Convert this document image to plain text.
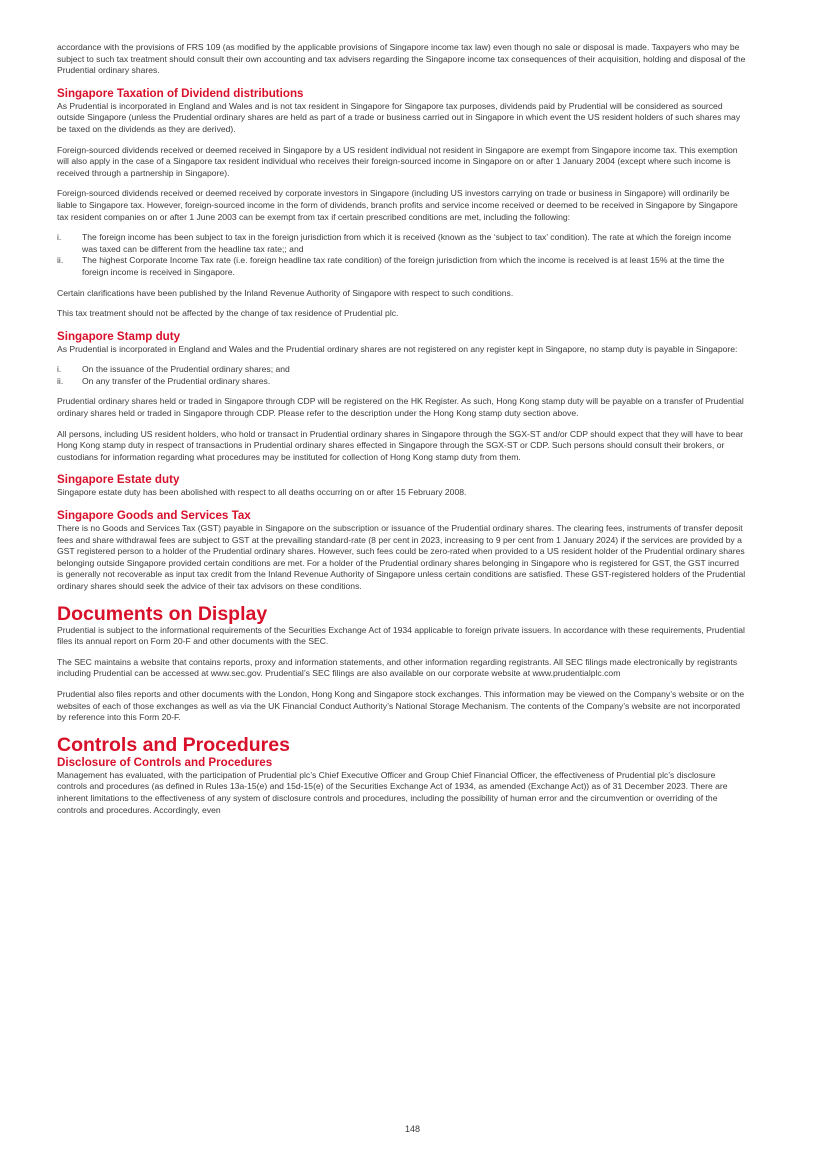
accordance with the provisions of FRS 109 (as modified by the applicable provisions of Singapore income tax law) even though no sale or disposal is made. Taxpayers who may be subject to such tax treatment should consult their own accounting and tax advisers regarding the Singapore income tax consequences of their acquisition, holding and disposal of the Prudential ordinary shares.

Singapore Taxation of Dividend distributions

As Prudential is incorporated in England and Wales and is not tax resident in Singapore for Singapore tax purposes, dividends paid by Prudential will be considered as sourced outside Singapore (unless the Prudential ordinary shares are held as part of a trade or business carried out in Singapore in which event the US resident holders of such shares may be taxed on the dividends as they are derived).

Foreign-sourced dividends received or deemed received in Singapore by a US resident individual not resident in Singapore are exempt from Singapore income tax. This exemption will also apply in the case of a Singapore tax resident individual who receives their foreign-sourced income in Singapore on or after 1 January 2004 (except where such income is received through a partnership in Singapore).

Foreign-sourced dividends received or deemed received by corporate investors in Singapore (including US investors carrying on trade or business in Singapore) will ordinarily be liable to Singapore tax. However, foreign-sourced income in the form of dividends, branch profits and service income received or deemed to be received in Singapore by Singapore tax resident companies on or after 1 June 2003 can be exempt from tax if certain prescribed conditions are met, including the following:

i. The foreign income has been subject to tax in the foreign jurisdiction from which it is received (known as the ‘subject to tax’ condition). The rate at which the foreign income was taxed can be different from the headline tax rate;; and
ii. The highest Corporate Income Tax rate (i.e. foreign headline tax rate condition) of the foreign jurisdiction from which the income is received is at least 15% at the time the foreign income is received in Singapore.

Certain clarifications have been published by the Inland Revenue Authority of Singapore with respect to such conditions.

This tax treatment should not be affected by the change of tax residence of Prudential plc.

Singapore Stamp duty

As Prudential is incorporated in England and Wales and the Prudential ordinary shares are not registered on any register kept in Singapore, no stamp duty is payable in Singapore:

i. On the issuance of the Prudential ordinary shares; and
ii. On any transfer of the Prudential ordinary shares.

Prudential ordinary shares held or traded in Singapore through CDP will be registered on the HK Register. As such, Hong Kong stamp duty will be payable on a transfer of Prudential ordinary shares held or traded in Singapore through CDP. Please refer to the description under the Hong Kong stamp duty section above.

All persons, including US resident holders, who hold or transact in Prudential ordinary shares in Singapore through the SGX-ST and/or CDP should expect that they will have to bear Hong Kong stamp duty in respect of transactions in Prudential ordinary shares effected in Singapore through the SGX-ST or CDP. Such persons should consult their brokers, or custodians for information regarding what procedures may be instituted for collection of Hong Kong stamp duty from them.

Singapore Estate duty

Singapore estate duty has been abolished with respect to all deaths occurring on or after 15 February 2008.

Singapore Goods and Services Tax

There is no Goods and Services Tax (GST) payable in Singapore on the subscription or issuance of the Prudential ordinary shares. The clearing fees, instruments of transfer deposit fees and share withdrawal fees are subject to GST at the prevailing standard-rate (8 per cent in 2023, increasing to 9 per cent from 1 January 2024) if the services are provided by a GST registered person to a holder of the Prudential ordinary shares. However, such fees could be zero-rated when provided to a US resident holder of the Prudential ordinary shares belonging outside Singapore provided certain conditions are met. For a holder of the Prudential ordinary shares belonging in Singapore who is registered for GST, the GST incurred is generally not recoverable as input tax credit from the Inland Revenue Authority of Singapore unless certain conditions are satisfied. These GST-registered holders of the Prudential ordinary shares should seek the advice of their tax advisors on these conditions.

Documents on Display

Prudential is subject to the informational requirements of the Securities Exchange Act of 1934 applicable to foreign private issuers. In accordance with these requirements, Prudential files its annual report on Form 20-F and other documents with the SEC.

The SEC maintains a website that contains reports, proxy and information statements, and other information regarding registrants. All SEC filings made electronically by registrants including Prudential can be accessed at www.sec.gov. Prudential’s SEC filings are also available on our corporate website at www.prudentialplc.com

Prudential also files reports and other documents with the London, Hong Kong and Singapore stock exchanges. This information may be viewed on the Company’s website or on the websites of each of those exchanges as well as via the UK Financial Conduct Authority’s National Storage Mechanism. The contents of the Company’s website are not incorporated by reference into this Form 20-F.

Controls and Procedures
Disclosure of Controls and Procedures

Management has evaluated, with the participation of Prudential plc’s Chief Executive Officer and Group Chief Financial Officer, the effectiveness of Prudential plc’s disclosure controls and procedures (as defined in Rules 13a-15(e) and 15d-15(e) of the Securities Exchange Act of 1934, as amended (Exchange Act)) as of 31 December 2023. There are inherent limitations to the effectiveness of any system of disclosure controls and procedures, including the possibility of human error and the circumvention or overriding of the controls and procedures. Accordingly, even

148
